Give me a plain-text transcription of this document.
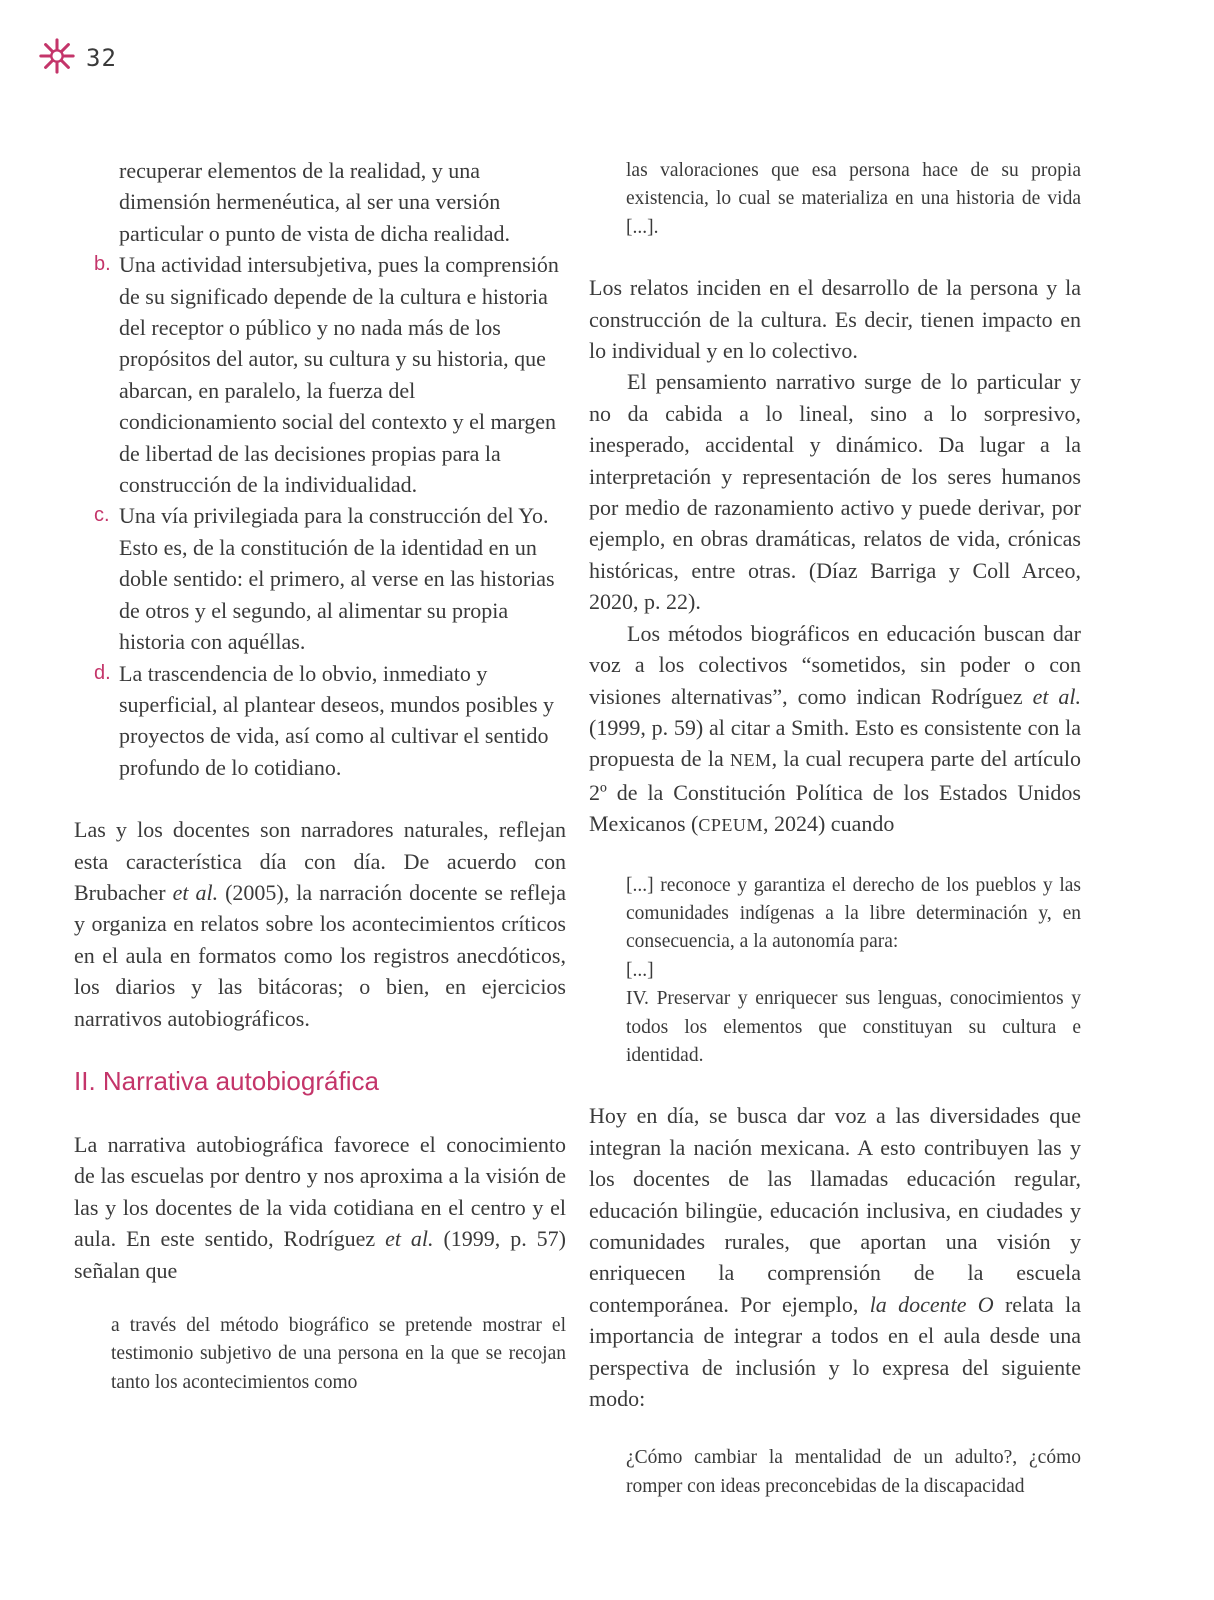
32

recuperar elementos de la realidad, y una dimensión hermenéutica, al ser una versión particular o punto de vista de dicha realidad.

b. Una actividad intersubjetiva, pues la comprensión de su significado depende de la cultura e historia del receptor o público y no nada más de los propósitos del autor, su cultura y su historia, que abarcan, en paralelo, la fuerza del condicionamiento social del contexto y el margen de libertad de las decisiones propias para la construcción de la individualidad.
c. Una vía privilegiada para la construcción del Yo. Esto es, de la constitución de la identidad en un doble sentido: el primero, al verse en las historias de otros y el segundo, al alimentar su propia historia con aquéllas.
d. La trascendencia de lo obvio, inmediato y superficial, al plantear deseos, mundos posibles y proyectos de vida, así como al cultivar el sentido profundo de lo cotidiano.

Las y los docentes son narradores naturales, reflejan esta característica día con día. De acuerdo con Brubacher et al. (2005), la narración docente se refleja y organiza en relatos sobre los acontecimientos críticos en el aula en formatos como los registros anecdóticos, los diarios y las bitácoras; o bien, en ejercicios narrativos autobiográficos.

II. Narrativa autobiográfica

La narrativa autobiográfica favorece el conocimiento de las escuelas por dentro y nos aproxima a la visión de las y los docentes de la vida cotidiana en el centro y el aula. En este sentido, Rodríguez et al. (1999, p. 57) señalan que

a través del método biográfico se pretende mostrar el testimonio subjetivo de una persona en la que se recojan tanto los acontecimientos como

las valoraciones que esa persona hace de su propia existencia, lo cual se materializa en una historia de vida [...].

Los relatos inciden en el desarrollo de la persona y la construcción de la cultura. Es decir, tienen impacto en lo individual y en lo colectivo.

El pensamiento narrativo surge de lo particular y no da cabida a lo lineal, sino a lo sorpresivo, inesperado, accidental y dinámico. Da lugar a la interpretación y representación de los seres humanos por medio de razonamiento activo y puede derivar, por ejemplo, en obras dramáticas, relatos de vida, crónicas históricas, entre otras. (Díaz Barriga y Coll Arceo, 2020, p. 22).

Los métodos biográficos en educación buscan dar voz a los colectivos “sometidos, sin poder o con visiones alternativas”, como indican Rodríguez et al. (1999, p. 59) al citar a Smith. Esto es consistente con la propuesta de la NEM, la cual recupera parte del artículo 2º de la Constitución Política de los Estados Unidos Mexicanos (CPEUM, 2024) cuando

[...] reconoce y garantiza el derecho de los pueblos y las comunidades indígenas a la libre determinación y, en consecuencia, a la autonomía para:
[...]
IV. Preservar y enriquecer sus lenguas, conocimientos y todos los elementos que constituyan su cultura e identidad.

Hoy en día, se busca dar voz a las diversidades que integran la nación mexicana. A esto contribuyen las y los docentes de las llamadas educación regular, educación bilingüe, educación inclusiva, en ciudades y comunidades rurales, que aportan una visión y enriquecen la comprensión de la escuela contemporánea. Por ejemplo, la docente O relata la importancia de integrar a todos en el aula desde una perspectiva de inclusión y lo expresa del siguiente modo:

¿Cómo cambiar la mentalidad de un adulto?, ¿cómo romper con ideas preconcebidas de la discapacidad
